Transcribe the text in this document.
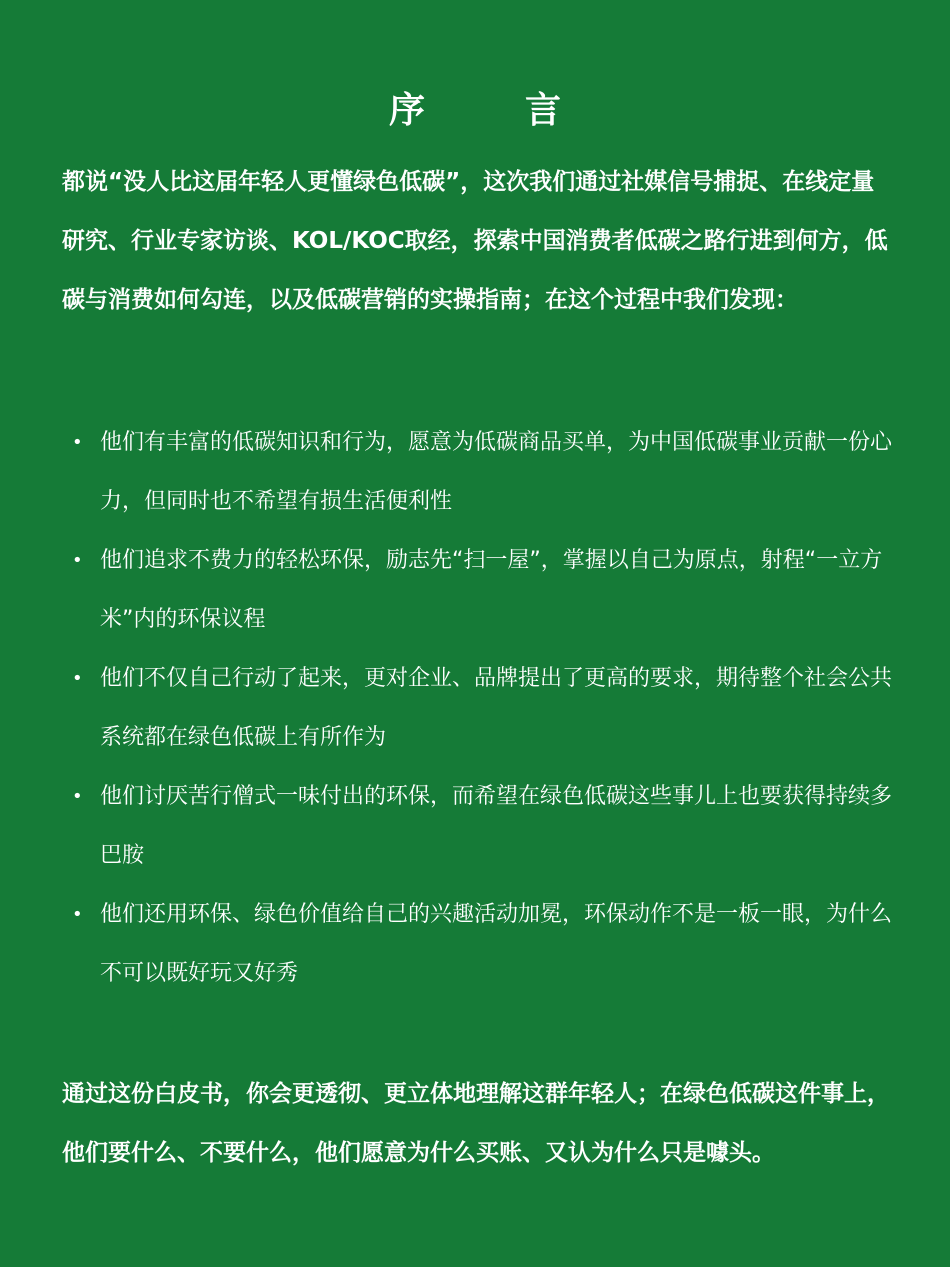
序　言

都说“没人比这届年轻人更懂绿色低碳”，这次我们通过社媒信号捕捉、在线定量研究、行业专家访谈、KOL/KOC取经，探索中国消费者低碳之路行进到何方，低碳与消费如何勾连，以及低碳营销的实操指南；在这个过程中我们发现：

• 他们有丰富的低碳知识和行为，愿意为低碳商品买单，为中国低碳事业贡献一份心力，但同时也不希望有损生活便利性
• 他们追求不费力的轻松环保，励志先“扫一屋”，掌握以自己为原点，射程“一立方米”内的环保议程
• 他们不仅自己行动了起来，更对企业、品牌提出了更高的要求，期待整个社会公共系统都在绿色低碳上有所作为
• 他们讨厌苦行僧式一味付出的环保，而希望在绿色低碳这些事儿上也要获得持续多巴胺
• 他们还用环保、绿色价值给自己的兴趣活动加冕，环保动作不是一板一眼，为什么不可以既好玩又好秀

通过这份白皮书，你会更透彻、更立体地理解这群年轻人；在绿色低碳这件事上，他们要什么、不要什么，他们愿意为什么买账、又认为什么只是噱头。
